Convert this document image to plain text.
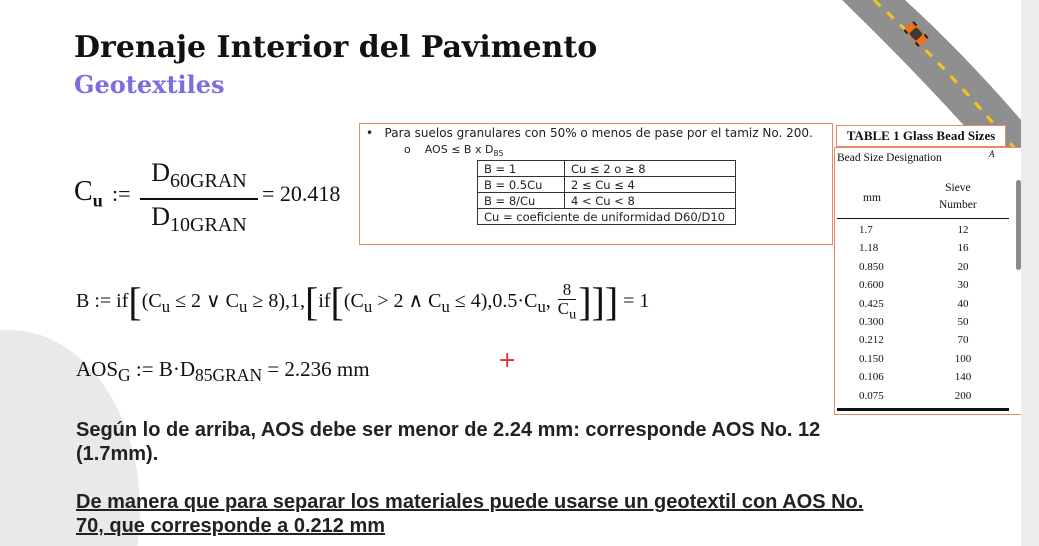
Drenaje Interior del Pavimento
Geotextiles
$C_u$ :=
$D_{60GRAN}$
$D_{10GRAN}$
= 20.418
B := $if[(C_u \le 2$ ∨ $C_u \ge 8),1,[if[(C_u > 2$ ∧ $C_u \le 4),0.5\cdot C_u$, 8
$C_u]]] = 1$
$AOS_G$ := $B\cdot D_{85GRAN} = 2.236$ mm	+
•   Para suelos granulares con 50% o menos de pase por el tamiz No. 200.
o    AOS ≤ B x $D_{85}$
B = 1	Cu ≤ 2 o ≥ 8
B = 0.5Cu	2 ≤ Cu ≤ 4
B = 8/Cu	4 < Cu < 8
Cu = coeficiente de uniformidad D60/D10	
TABLE 1 Glass Bead Sizes
Bead Size Designation	A
mm
Sieve
Number
1.7	12
1.18	16
0.850	20
0.600	30
0.425	40
0.300	50
0.212	70
0.150	100
0.106	140
0.075	200
Según lo de arriba, AOS debe ser menor de 2.24 mm: corresponde AOS No. 12 (1.7mm).
De manera que para separar los materiales puede usarse un geotextil con AOS No. 70, que corresponde a 0.212 mm
